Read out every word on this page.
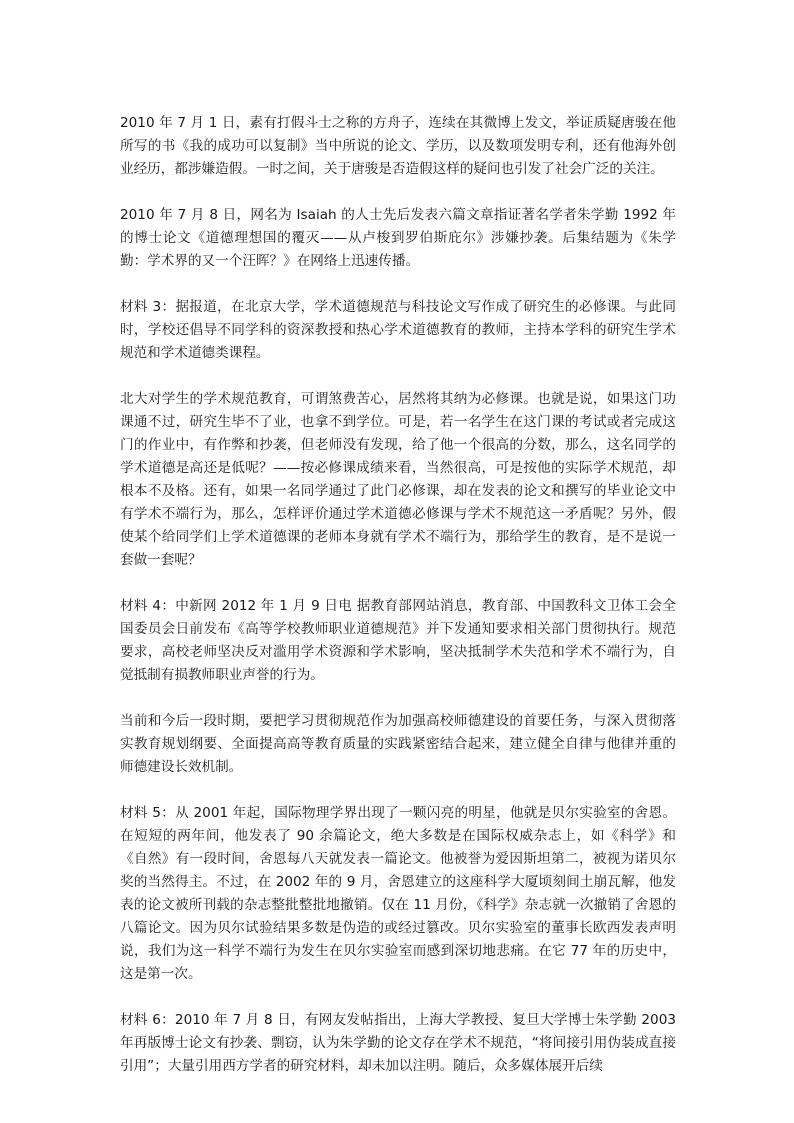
2010 年 7 月 1 日，素有打假斗士之称的方舟子，连续在其微博上发文，举证质疑唐骏在他所写的书《我的成功可以复制》当中所说的论文、学历，以及数项发明专利，还有他海外创业经历，都涉嫌造假。一时之间，关于唐骏是否造假这样的疑问也引发了社会广泛的关注。

2010 年 7 月 8 日，网名为 Isaiah 的人士先后发表六篇文章指证著名学者朱学勤 1992 年的博士论文《道德理想国的覆灭——从卢梭到罗伯斯庇尔》涉嫌抄袭。后集结题为《朱学勤：学术界的又一个汪晖？》在网络上迅速传播。

材料 3：据报道，在北京大学，学术道德规范与科技论文写作成了研究生的必修课。与此同时，学校还倡导不同学科的资深教授和热心学术道德教育的教师，主持本学科的研究生学术规范和学术道德类课程。

北大对学生的学术规范教育，可谓煞费苦心，居然将其纳为必修课。也就是说，如果这门功课通不过，研究生毕不了业，也拿不到学位。可是，若一名学生在这门课的考试或者完成这门的作业中，有作弊和抄袭，但老师没有发现，给了他一个很高的分数，那么，这名同学的学术道德是高还是低呢？——按必修课成绩来看，当然很高，可是按他的实际学术规范，却根本不及格。还有，如果一名同学通过了此门必修课，却在发表的论文和撰写的毕业论文中有学术不端行为，那么，怎样评价通过学术道德必修课与学术不规范这一矛盾呢？另外，假使某个给同学们上学术道德课的老师本身就有学术不端行为，那给学生的教育，是不是说一套做一套呢？

材料 4：中新网 2012 年 1 月 9 日电 据教育部网站消息，教育部、中国教科文卫体工会全国委员会日前发布《高等学校教师职业道德规范》并下发通知要求相关部门贯彻执行。规范要求，高校老师坚决反对滥用学术资源和学术影响，坚决抵制学术失范和学术不端行为，自觉抵制有损教师职业声誉的行为。

当前和今后一段时期，要把学习贯彻规范作为加强高校师德建设的首要任务，与深入贯彻落实教育规划纲要、全面提高高等教育质量的实践紧密结合起来，建立健全自律与他律并重的师德建设长效机制。

材料 5：从 2001 年起，国际物理学界出现了一颗闪亮的明星，他就是贝尔实验室的舍恩。在短短的两年间，他发表了 90 余篇论文，绝大多数是在国际权威杂志上，如《科学》和《自然》有一段时间，舍恩每八天就发表一篇论文。他被誉为爱因斯坦第二，被视为诺贝尔奖的当然得主。不过，在 2002 年的 9 月，舍恩建立的这座科学大厦顷刻间土崩瓦解，他发表的论文被所刊载的杂志整批整批地撤销。仅在 11 月份，《科学》杂志就一次撤销了舍恩的八篇论文。因为贝尔试验结果多数是伪造的或经过篡改。贝尔实验室的董事长欧西发表声明说，我们为这一科学不端行为发生在贝尔实验室而感到深切地悲痛。在它 77 年的历史中，这是第一次。

材料 6：2010 年 7 月 8 日，有网友发帖指出，上海大学教授、复旦大学博士朱学勤 2003 年再版博士论文有抄袭、剽窃，认为朱学勤的论文存在学术不规范，“将间接引用伪装成直接引用”；大量引用西方学者的研究材料，却未加以注明。随后，众多媒体展开后续
